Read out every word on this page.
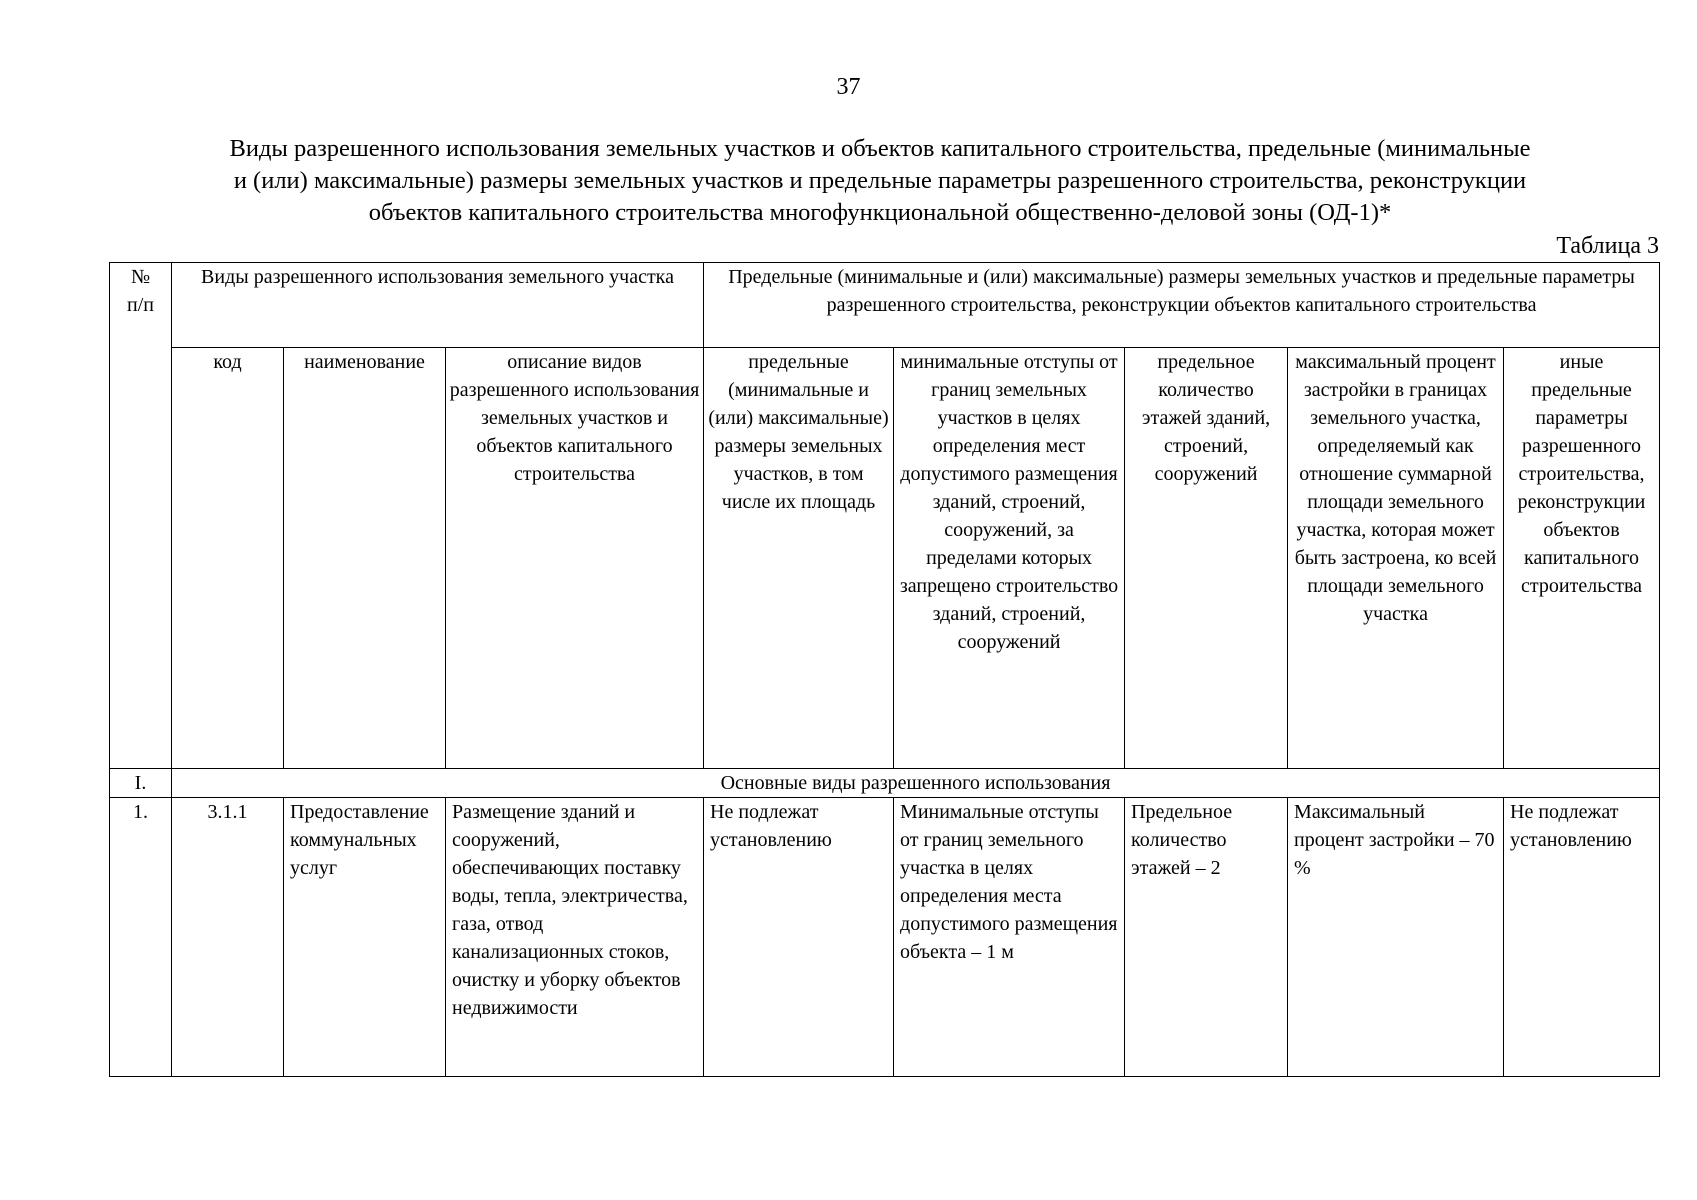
37
Виды разрешенного использования земельных участков и объектов капитального строительства, предельные (минимальные
и (или) максимальные) размеры земельных участков и предельные параметры разрешенного строительства, реконструкции
объектов капитального строительства многофункциональной общественно-деловой зоны (ОД-1)*
Таблица 3
№
п/п	Виды разрешенного использования земельного участка			Предельные (минимальные и (или) максимальные) размеры земельных участков и предельные параметры разрешенного строительства, реконструкции объектов капитального строительства				
	код	наименование	описание видов разрешенного использования земельных участков и объектов капитального строительства	предельные (минимальные и (или) максимальные) размеры земельных участков, в том числе их площадь	минимальные отступы от границ земельных участков в целях определения мест допустимого размещения зданий, строений, сооружений, за пределами которых запрещено строительство зданий, строений, сооружений	предельное количество этажей зданий, строений, сооружений	максимальный процент застройки в границах земельного участка, определяемый как отношение суммарной площади земельного участка, которая может быть застроена, ко всей площади земельного участка	иные предельные параметры разрешенного строительства, реконструкции объектов капитального строительства
I.	Основные виды разрешенного использования							
1.	3.1.1	Предоставление коммунальных услуг	Размещение зданий и сооружений, обеспечивающих поставку воды, тепла, электричества, газа, отвод канализационных стоков, очистку и уборку объектов недвижимости	Не подлежат установлению	Минимальные отступы от границ земельного участка в целях определения места допустимого размещения объекта – 1 м	Предельное количество этажей – 2	Максимальный процент застройки – 70 %	Не подлежат установлению
